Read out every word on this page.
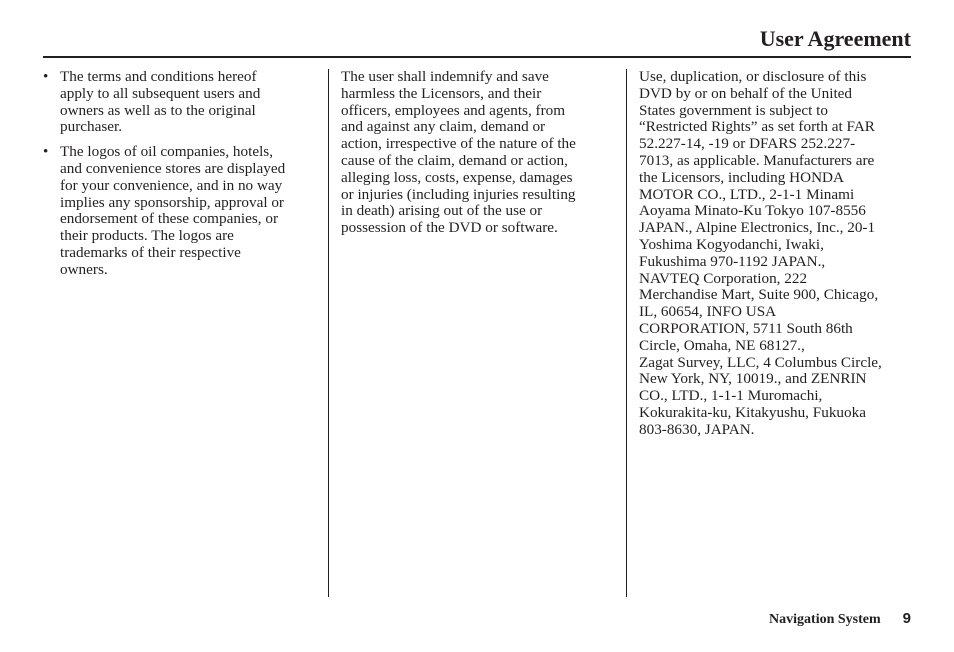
User Agreement
• The terms and conditions hereof
apply to all subsequent users and
owners as well as to the original
purchaser.
• The logos of oil companies, hotels,
and convenience stores are displayed
for your convenience, and in no way
implies any sponsorship, approval or
endorsement of these companies, or
their products. The logos are
trademarks of their respective
owners.

The user shall indemnify and save
harmless the Licensors, and their
officers, employees and agents, from
and against any claim, demand or
action, irrespective of the nature of the
cause of the claim, demand or action,
alleging loss, costs, expense, damages
or injuries (including injuries resulting
in death) arising out of the use or
possession of the DVD or software.

Use, duplication, or disclosure of this
DVD by or on behalf of the United
States government is subject to
“Restricted Rights” as set forth at FAR
52.227-14, -19 or DFARS 252.227-
7013, as applicable. Manufacturers are
the Licensors, including HONDA
MOTOR CO., LTD., 2-1-1 Minami
Aoyama Minato-Ku Tokyo 107-8556
JAPAN., Alpine Electronics, Inc., 20-1
Yoshima Kogyodanchi, Iwaki,
Fukushima 970-1192 JAPAN.,
NAVTEQ Corporation, 222
Merchandise Mart, Suite 900, Chicago,
IL, 60654, INFO USA
CORPORATION, 5711 South 86th
Circle, Omaha, NE 68127.,
Zagat Survey, LLC, 4 Columbus Circle,
New York, NY, 10019., and ZENRIN
CO., LTD., 1-1-1 Muromachi,
Kokurakita-ku, Kitakyushu, Fukuoka
803-8630, JAPAN.

Navigation System 9
